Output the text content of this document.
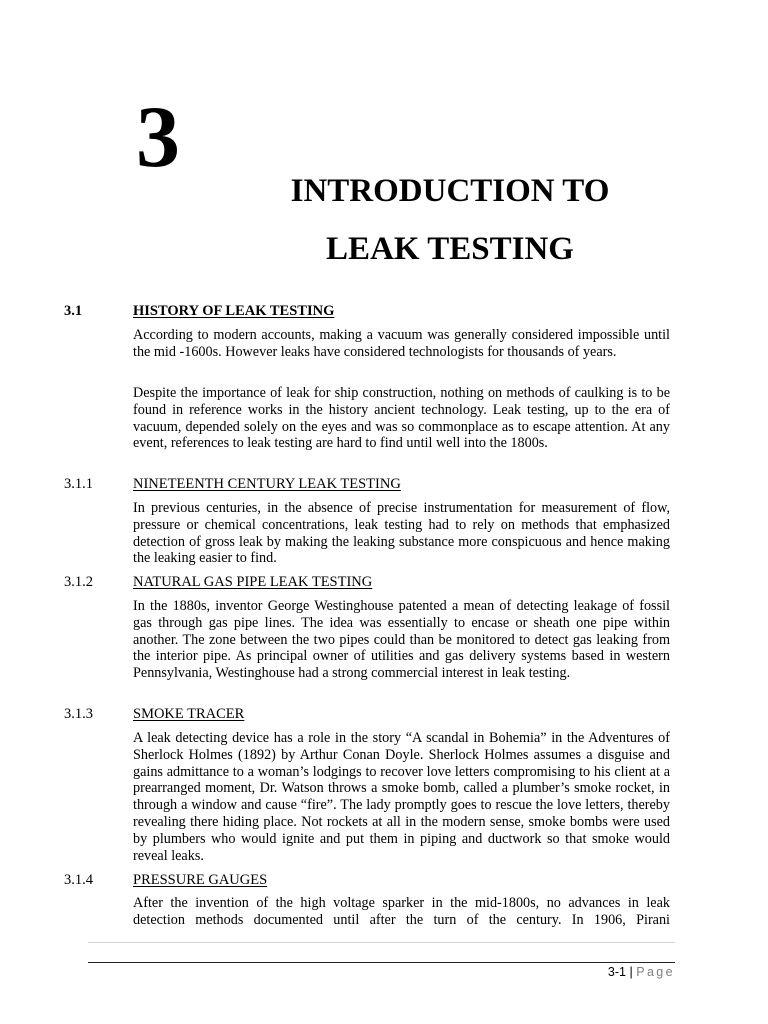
3
INTRODUCTION TO
LEAK TESTING
3.1	HISTORY OF LEAK TESTING

According to modern accounts, making a vacuum was generally considered impossible until the mid -1600s. However leaks have considered technologists for thousands of years.

Despite the importance of leak for ship construction, nothing on methods of caulking is to be found in reference works in the history ancient technology. Leak testing, up to the era of vacuum, depended solely on the eyes and was so commonplace as to escape attention. At any event, references to leak testing are hard to find until well into the 1800s.

3.1.1	NINETEENTH CENTURY LEAK TESTING

In previous centuries, in the absence of precise instrumentation for measurement of flow, pressure or chemical concentrations, leak testing had to rely on methods that emphasized detection of gross leak by making the leaking substance more conspicuous and hence making the leaking easier to find.

3.1.2	NATURAL GAS PIPE LEAK TESTING

In the 1880s, inventor George Westinghouse patented a mean of detecting leakage of fossil gas through gas pipe lines. The idea was essentially to encase or sheath one pipe within another. The zone between the two pipes could than be monitored to detect gas leaking from the interior pipe. As principal owner of utilities and gas delivery systems based in western Pennsylvania, Westinghouse had a strong commercial interest in leak testing.

3.1.3	SMOKE TRACER

A leak detecting device has a role in the story “A scandal in Bohemia” in the Adventures of Sherlock Holmes (1892) by Arthur Conan Doyle. Sherlock Holmes assumes a disguise and gains admittance to a woman’s lodgings to recover love letters compromising to his client at a prearranged moment, Dr. Watson throws a smoke bomb, called a plumber’s smoke rocket, in through a window and cause “fire”. The lady promptly goes to rescue the love letters, thereby revealing there hiding place. Not rockets at all in the modern sense, smoke bombs were used by plumbers who would ignite and put them in piping and ductwork so that smoke would reveal leaks.

3.1.4	PRESSURE GAUGES

After the invention of the high voltage sparker in the mid-1800s, no advances in leak detection methods documented until after the turn of the century. In 1906, Pirani

3-1 | Page
